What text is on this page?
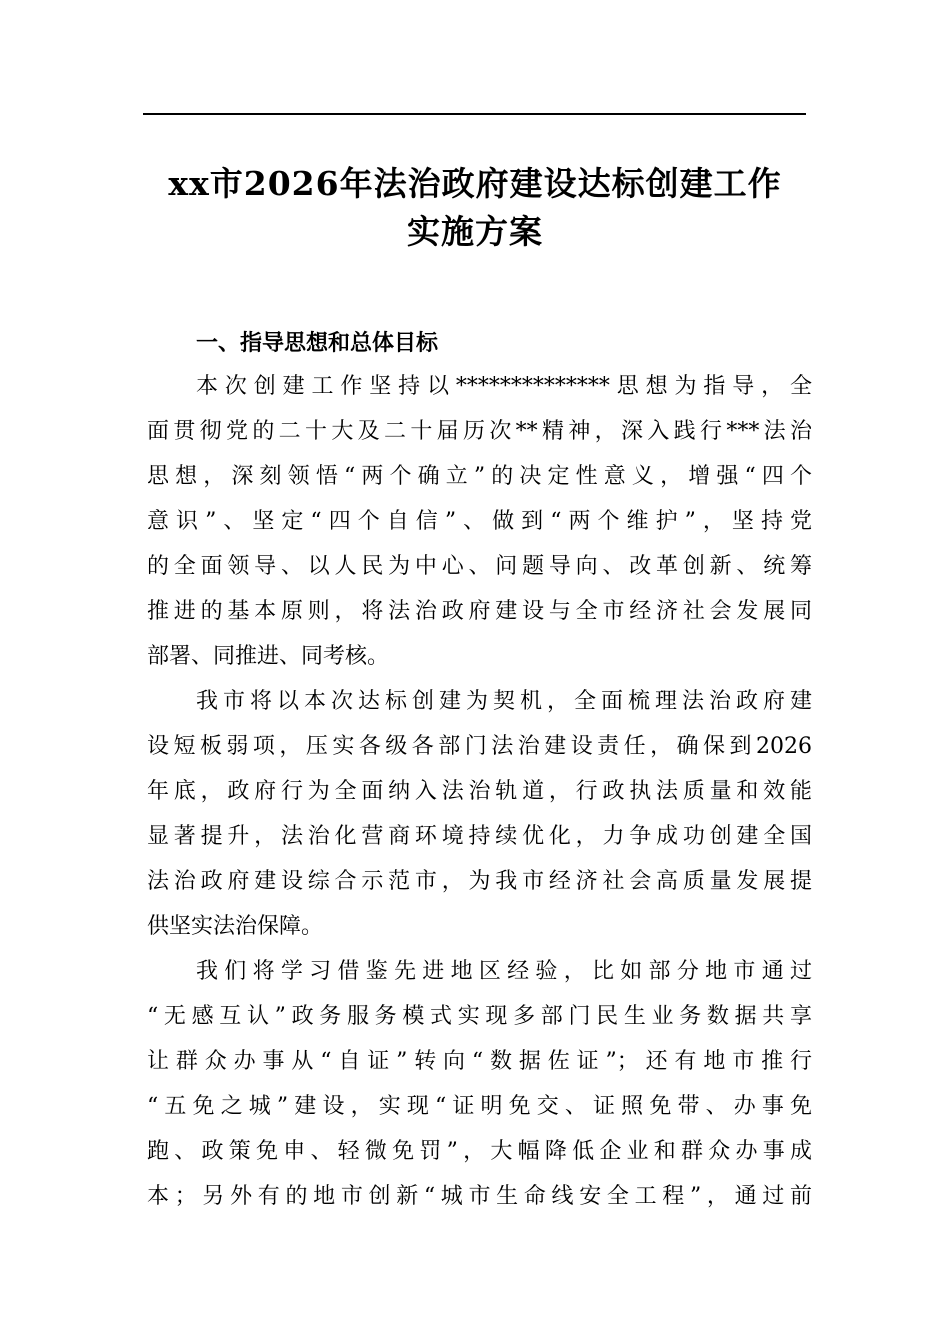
xx市2026年法治政府建设达标创建工作
实施方案
一、指导思想和总体目标
本次创建工作坚持以**************思想为指导，全
面贯彻党的二十大及二十届历次**精神，深入践行***法治
思想，深刻领悟“两个确立”的决定性意义，增强“四个
意识”、坚定“四个自信”、做到“两个维护”，坚持党
的全面领导、以人民为中心、问题导向、改革创新、统筹
推进的基本原则，将法治政府建设与全市经济社会发展同
部署、同推进、同考核。
我市将以本次达标创建为契机，全面梳理法治政府建
设短板弱项，压实各级各部门法治建设责任，确保到2026
年底，政府行为全面纳入法治轨道，行政执法质量和效能
显著提升，法治化营商环境持续优化，力争成功创建全国
法治政府建设综合示范市，为我市经济社会高质量发展提
供坚实法治保障。
我们将学习借鉴先进地区经验，比如部分地市通过
“无感互认”政务服务模式实现多部门民生业务数据共享
让群众办事从“自证”转向“数据佐证”；还有地市推行
“五免之城”建设，实现“证明免交、证照免带、办事免
跑、政策免申、轻微免罚”，大幅降低企业和群众办事成
本；另外有的地市创新“城市生命线安全工程”，通过前
